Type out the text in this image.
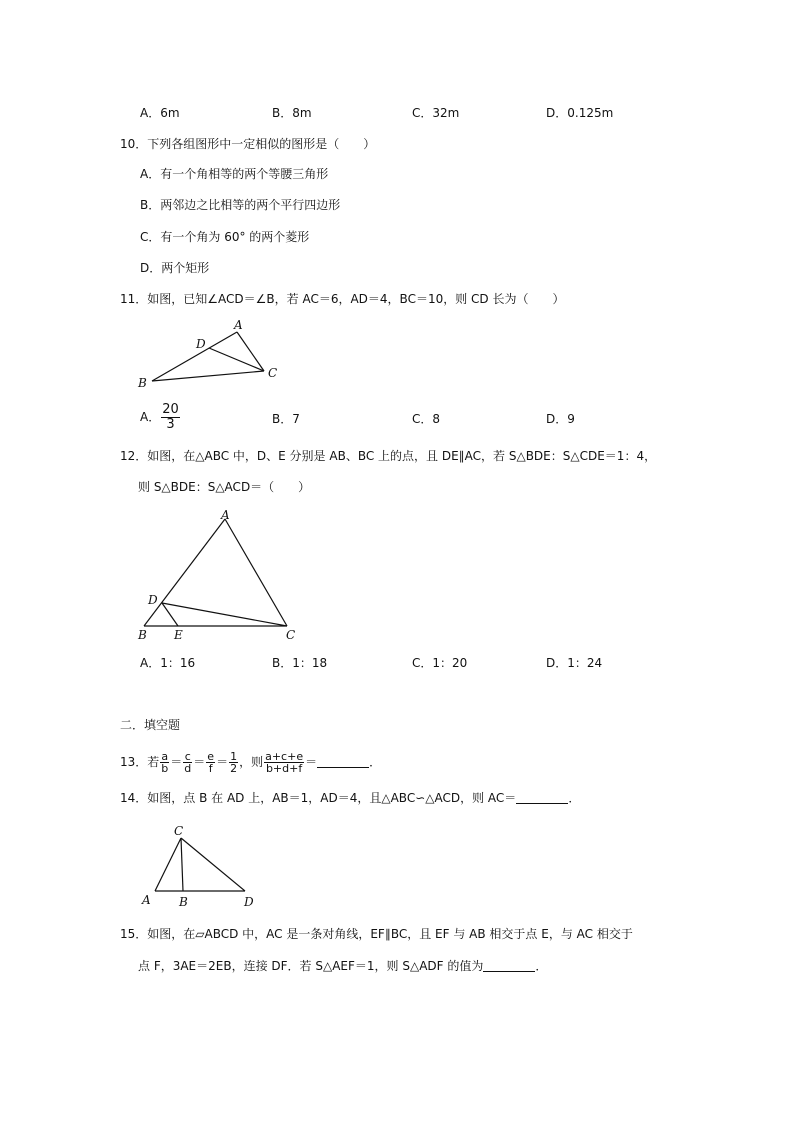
A．6m	B．8m	C．32m	D．0.125m
10．下列各组图形中一定相似的图形是（　　）
A．有一个角相等的两个等腰三角形
B．两邻边之比相等的两个平行四边形
C．有一个角为 60° 的两个菱形
D．两个矩形
11．如图，已知∠ACD＝∠B，若 AC＝6，AD＝4，BC＝10，则 CD 长为（　　）
A
B
C
D
A． $\frac{20}{3}$	B．7	C．8	D．9
12．如图，在△ABC 中，D、E 分别是 AB、BC 上的点，且 DE∥AC，若 S△BDE：S△CDE＝1：4，
则 S△BDE：S△ACD＝（　　）
A
B	C
D
E
A．1：16	B．1：18	C．1：20	D．1：24
二．填空题
13．若 $\frac{a}{b} = \frac{c}{d} = \frac{e}{f} = \frac{1}{2}$ ，则 $\frac{a+c+e}{b+d+f}$ ＝	．
14．如图，点 B 在 AD 上，AB＝1，AD＝4，且△ABC∽△ACD，则 AC＝	．
C
A B	D
15．如图，在▱ABCD 中，AC 是一条对角线，EF∥BC，且 EF 与 AB 相交于点 E，与 AC 相交于
点 F，3AE＝2EB，连接 DF．若 S△AEF＝1，则 S△ADF 的值为	．
